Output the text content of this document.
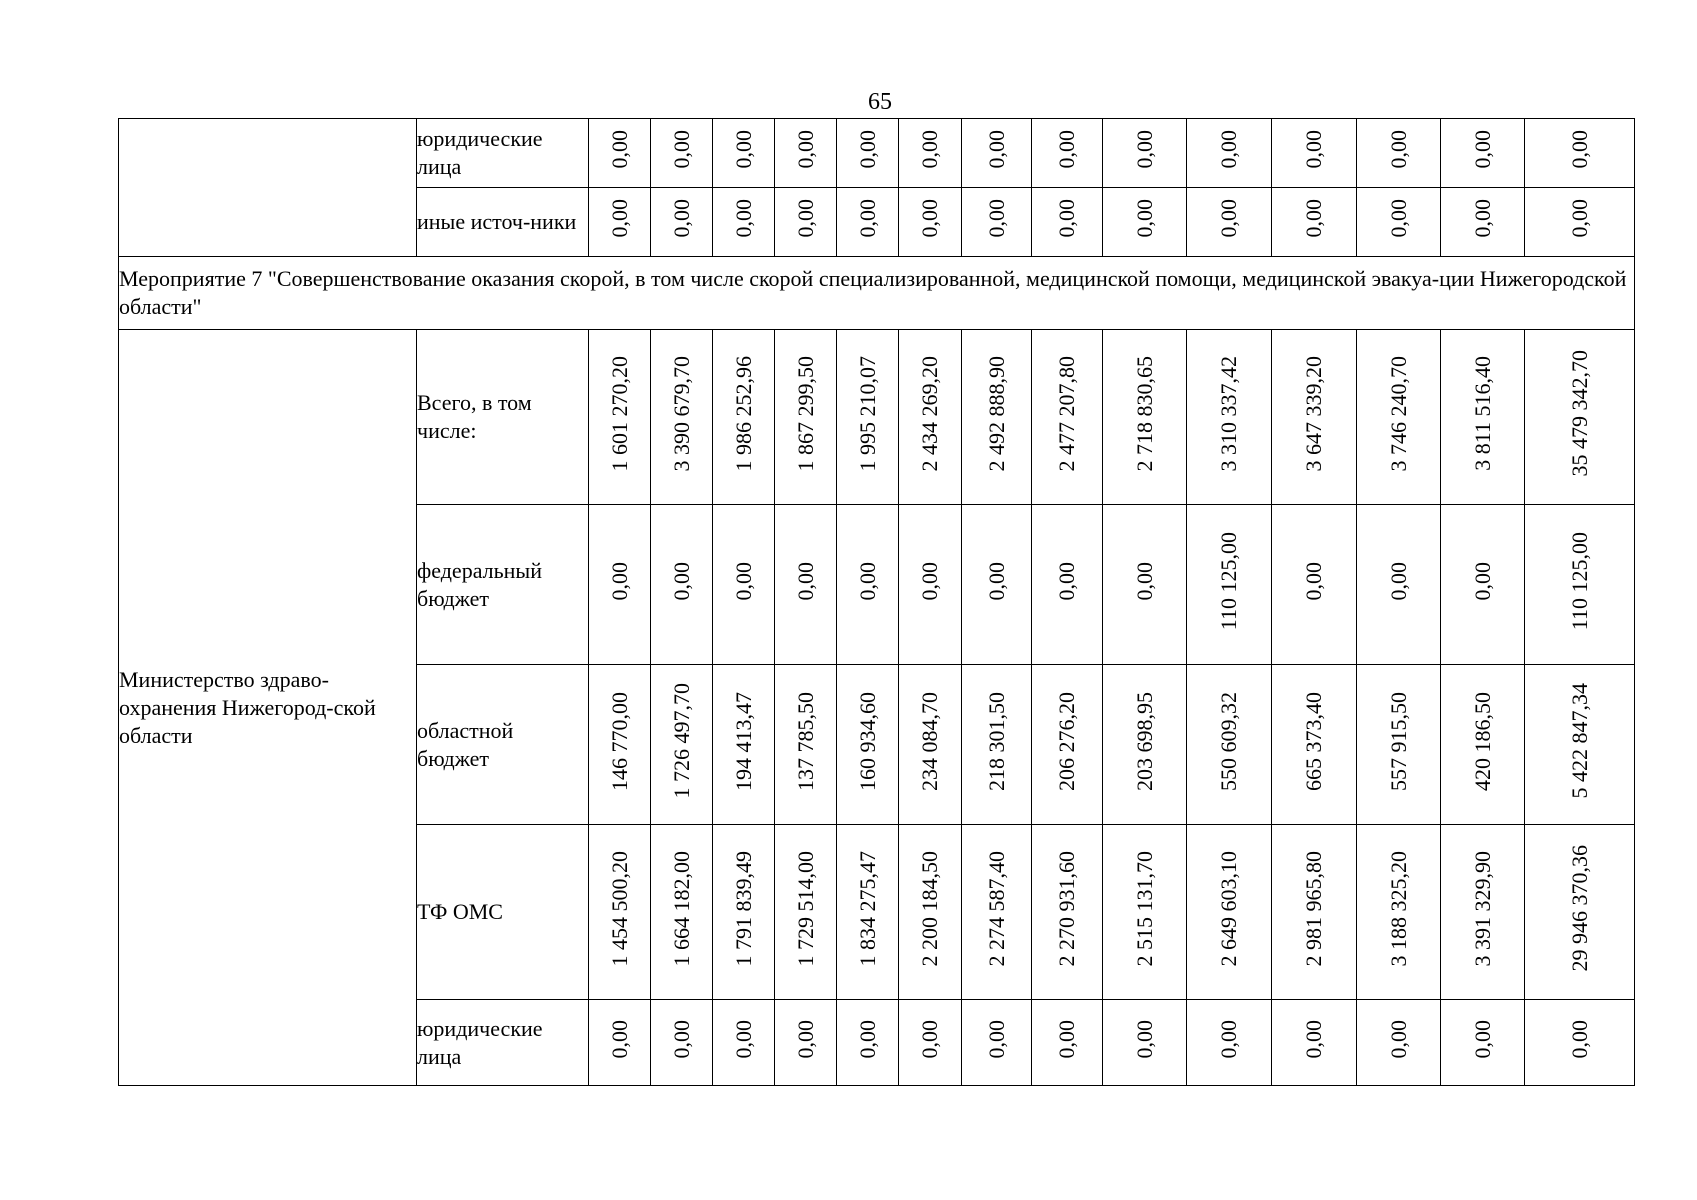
65
	юридические лица	0,00	0,00	0,00	0,00	0,00	0,00	0,00	0,00	0,00	0,00	0,00	0,00	0,00	0,00
	иные источ-ники	0,00	0,00	0,00	0,00	0,00	0,00	0,00	0,00	0,00	0,00	0,00	0,00	0,00	0,00
Мероприятие 7 "Совершенствование оказания скорой, в том числе скорой специализированной, медицинской помощи, медицинской эвакуа-ции Нижегородской области"															
Министерство здраво-охранения Нижегород-ской области	Всего, в том числе:	1 601 270,20	3 390 679,70	1 986 252,96	1 867 299,50	1 995 210,07	2 434 269,20	2 492 888,90	2 477 207,80	2 718 830,65	3 310 337,42	3 647 339,20	3 746 240,70	3 811 516,40	35 479 342,70
	федеральный бюджет	0,00	0,00	0,00	0,00	0,00	0,00	0,00	0,00	0,00	110 125,00	0,00	0,00	0,00	110 125,00
	областной бюджет	146 770,00	1 726 497,70	194 413,47	137 785,50	160 934,60	234 084,70	218 301,50	206 276,20	203 698,95	550 609,32	665 373,40	557 915,50	420 186,50	5 422 847,34
	ТФ ОМС	1 454 500,20	1 664 182,00	1 791 839,49	1 729 514,00	1 834 275,47	2 200 184,50	2 274 587,40	2 270 931,60	2 515 131,70	2 649 603,10	2 981 965,80	3 188 325,20	3 391 329,90	29 946 370,36
	юридические лица	0,00	0,00	0,00	0,00	0,00	0,00	0,00	0,00	0,00	0,00	0,00	0,00	0,00	0,00
